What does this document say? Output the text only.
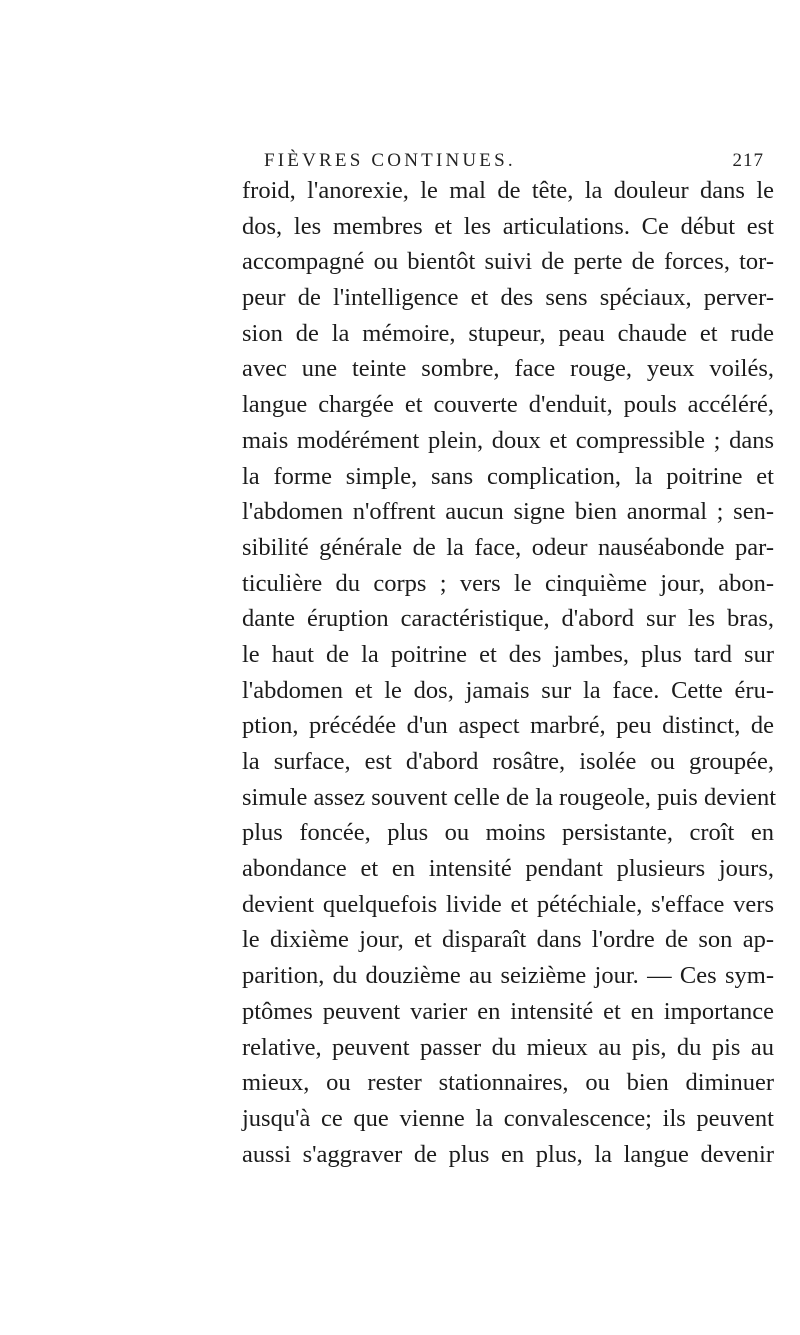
FIÈVRES CONTINUES.	217
froid, l'anorexie, le mal de tête, la douleur dans le
dos, les membres et les articulations. Ce début est
accompagné ou bientôt suivi de perte de forces, tor-
peur de l'intelligence et des sens spéciaux, perver-
sion de la mémoire, stupeur, peau chaude et rude
avec une teinte sombre, face rouge, yeux voilés,
langue chargée et couverte d'enduit, pouls accéléré,
mais modérément plein, doux et compressible ; dans
la forme simple, sans complication, la poitrine et
l'abdomen n'offrent aucun signe bien anormal ; sen-
sibilité générale de la face, odeur nauséabonde par-
ticulière du corps ; vers le cinquième jour, abon-
dante éruption caractéristique, d'abord sur les bras,
le haut de la poitrine et des jambes, plus tard sur
l'abdomen et le dos, jamais sur la face. Cette éru-
ption, précédée d'un aspect marbré, peu distinct, de
la surface, est d'abord rosâtre, isolée ou groupée,
simule assez souvent celle de la rougeole, puis devient
plus foncée, plus ou moins persistante, croît en
abondance et en intensité pendant plusieurs jours,
devient quelquefois livide et pétéchiale, s'efface vers
le dixième jour, et disparaît dans l'ordre de son ap-
parition, du douzième au seizième jour. — Ces sym-
ptômes peuvent varier en intensité et en importance
relative, peuvent passer du mieux au pis, du pis au
mieux, ou rester stationnaires, ou bien diminuer
jusqu'à ce que vienne la convalescence; ils peuvent
aussi s'aggraver de plus en plus, la langue devenir
